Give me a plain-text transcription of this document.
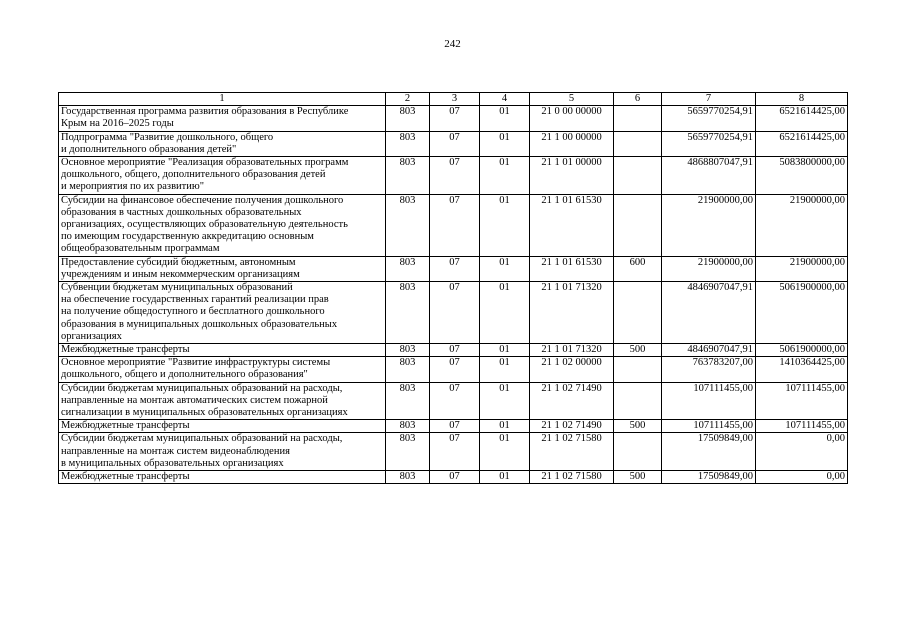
242
1	2	3	4	5	6	7	8
Государственная программа развития образования в Республике
Крым на 2016–2025 годы	803	07	01	21 0 00 00000		5659770254,91	6521614425,00
Подпрограмма "Развитие дошкольного, общего
и дополнительного образования детей"	803	07	01	21 1 00 00000		5659770254,91	6521614425,00
Основное мероприятие "Реализация образовательных программ
дошкольного, общего, дополнительного образования детей
и мероприятия по их развитию"	803	07	01	21 1 01 00000		4868807047,91	5083800000,00
Субсидии на финансовое обеспечение получения дошкольного
образования в частных дошкольных образовательных
организациях, осуществляющих образовательную деятельность
по имеющим государственную аккредитацию основным
общеобразовательным программам	803	07	01	21 1 01 61530		21900000,00	21900000,00
Предоставление субсидий бюджетным, автономным
учреждениям и иным некоммерческим организациям	803	07	01	21 1 01 61530	600	21900000,00	21900000,00
Субвенции бюджетам муниципальных образований
на обеспечение государственных гарантий реализации прав
на получение общедоступного и бесплатного дошкольного
образования в муниципальных дошкольных образовательных
организациях	803	07	01	21 1 01 71320		4846907047,91	5061900000,00
Межбюджетные трансферты	803	07	01	21 1 01 71320	500	4846907047,91	5061900000,00
Основное мероприятие "Развитие инфраструктуры системы
дошкольного, общего и дополнительного образования"	803	07	01	21 1 02 00000		763783207,00	1410364425,00
Субсидии бюджетам муниципальных образований на расходы,
направленные на монтаж автоматических систем пожарной
сигнализации в муниципальных образовательных организациях	803	07	01	21 1 02 71490		107111455,00	107111455,00
Межбюджетные трансферты	803	07	01	21 1 02 71490	500	107111455,00	107111455,00
Субсидии бюджетам муниципальных образований на расходы,
направленные на монтаж систем видеонаблюдения
в муниципальных образовательных организациях	803	07	01	21 1 02 71580		17509849,00	0,00
Межбюджетные трансферты	803	07	01	21 1 02 71580	500	17509849,00	0,00
